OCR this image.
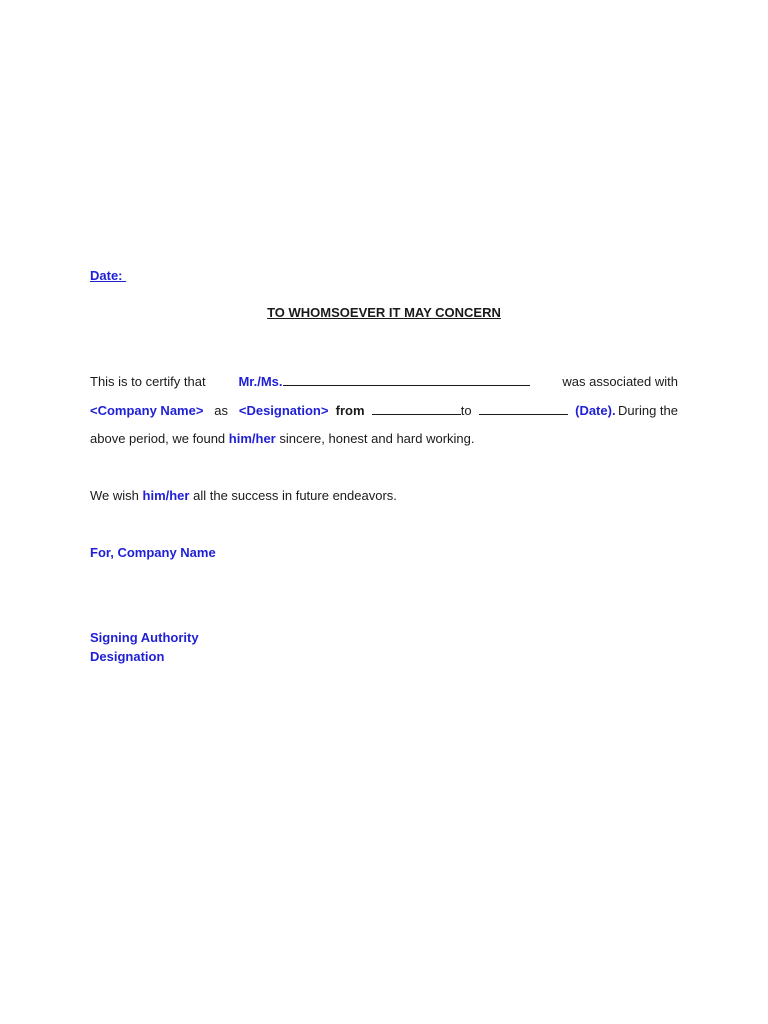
Date:
TO WHOMSOEVER IT MAY CONCERN
This is to certify that	Mr./Ms.	was associated with
<Company Name> as <Designation> from	to	(Date). During the
above period, we found him/her sincere, honest and hard working.
We wish him/her all the success in future endeavors.
For, Company Name
Signing Authority
Designation
